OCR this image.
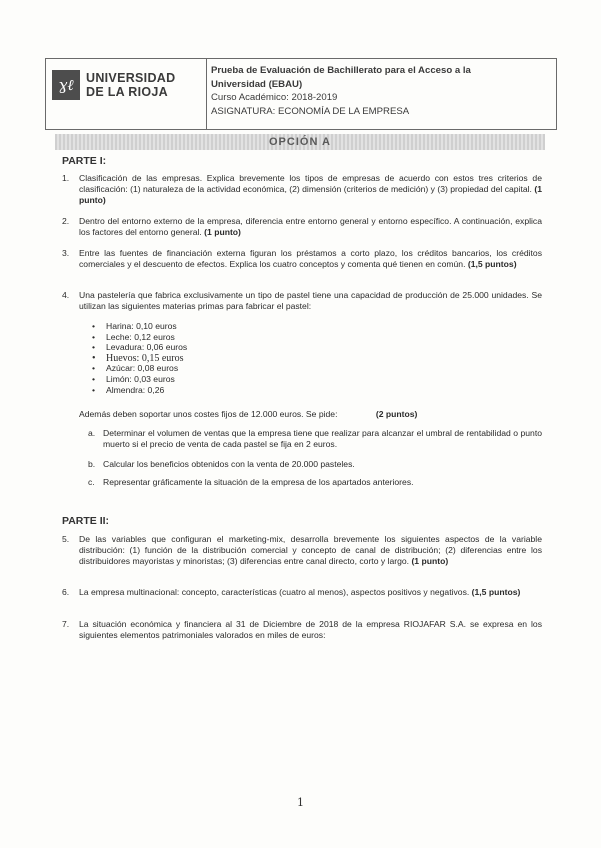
ɣℓ UNIVERSIDAD
DE LA RIOJA
Prueba de Evaluación de Bachillerato para el Acceso a la
Universidad (EBAU)
Curso Académico: 2018-2019
ASIGNATURA: ECONOMÍA DE LA EMPRESA
OPCIÓN A
PARTE I:
1. Clasificación de las empresas. Explica brevemente los tipos de empresas de acuerdo con estos tres criterios de clasificación: (1) naturaleza de la actividad económica, (2) dimensión (criterios de medición) y (3) propiedad del capital. (1 punto)
2. Dentro del entorno externo de la empresa, diferencia entre entorno general y entorno específico. A continuación, explica los factores del entorno general. (1 punto)
3. Entre las fuentes de financiación externa figuran los préstamos a corto plazo, los créditos bancarios, los créditos comerciales y el descuento de efectos. Explica los cuatro conceptos y comenta qué tienen en común. (1,5 puntos)
4. Una pastelería que fabrica exclusivamente un tipo de pastel tiene una capacidad de producción de 25.000 unidades. Se utilizan las siguientes materias primas para fabricar el pastel:
• Harina: 0,10 euros
• Leche: 0,12 euros
• Levadura: 0,06 euros
• Huevos: 0,15 euros
• Azúcar: 0,08 euros
• Limón: 0,03 euros
• Almendra: 0,26
Además deben soportar unos costes fijos de 12.000 euros. Se pide:	(2 puntos)
a. Determinar el volumen de ventas que la empresa tiene que realizar para alcanzar el umbral de rentabilidad o punto muerto si el precio de venta de cada pastel se fija en 2 euros.
b. Calcular los beneficios obtenidos con la venta de 20.000 pasteles.
c. Representar gráficamente la situación de la empresa de los apartados anteriores.
PARTE II:
5. De las variables que configuran el marketing-mix, desarrolla brevemente los siguientes aspectos de la variable distribución: (1) función de la distribución comercial y concepto de canal de distribución; (2) diferencias entre los distribuidores mayoristas y minoristas; (3) diferencias entre canal directo, corto y largo. (1 punto)
6. La empresa multinacional: concepto, características (cuatro al menos), aspectos positivos y negativos. (1,5 puntos)
7. La situación económica y financiera al 31 de Diciembre de 2018 de la empresa RIOJAFAR S.A. se expresa en los siguientes elementos patrimoniales valorados en miles de euros:
1
